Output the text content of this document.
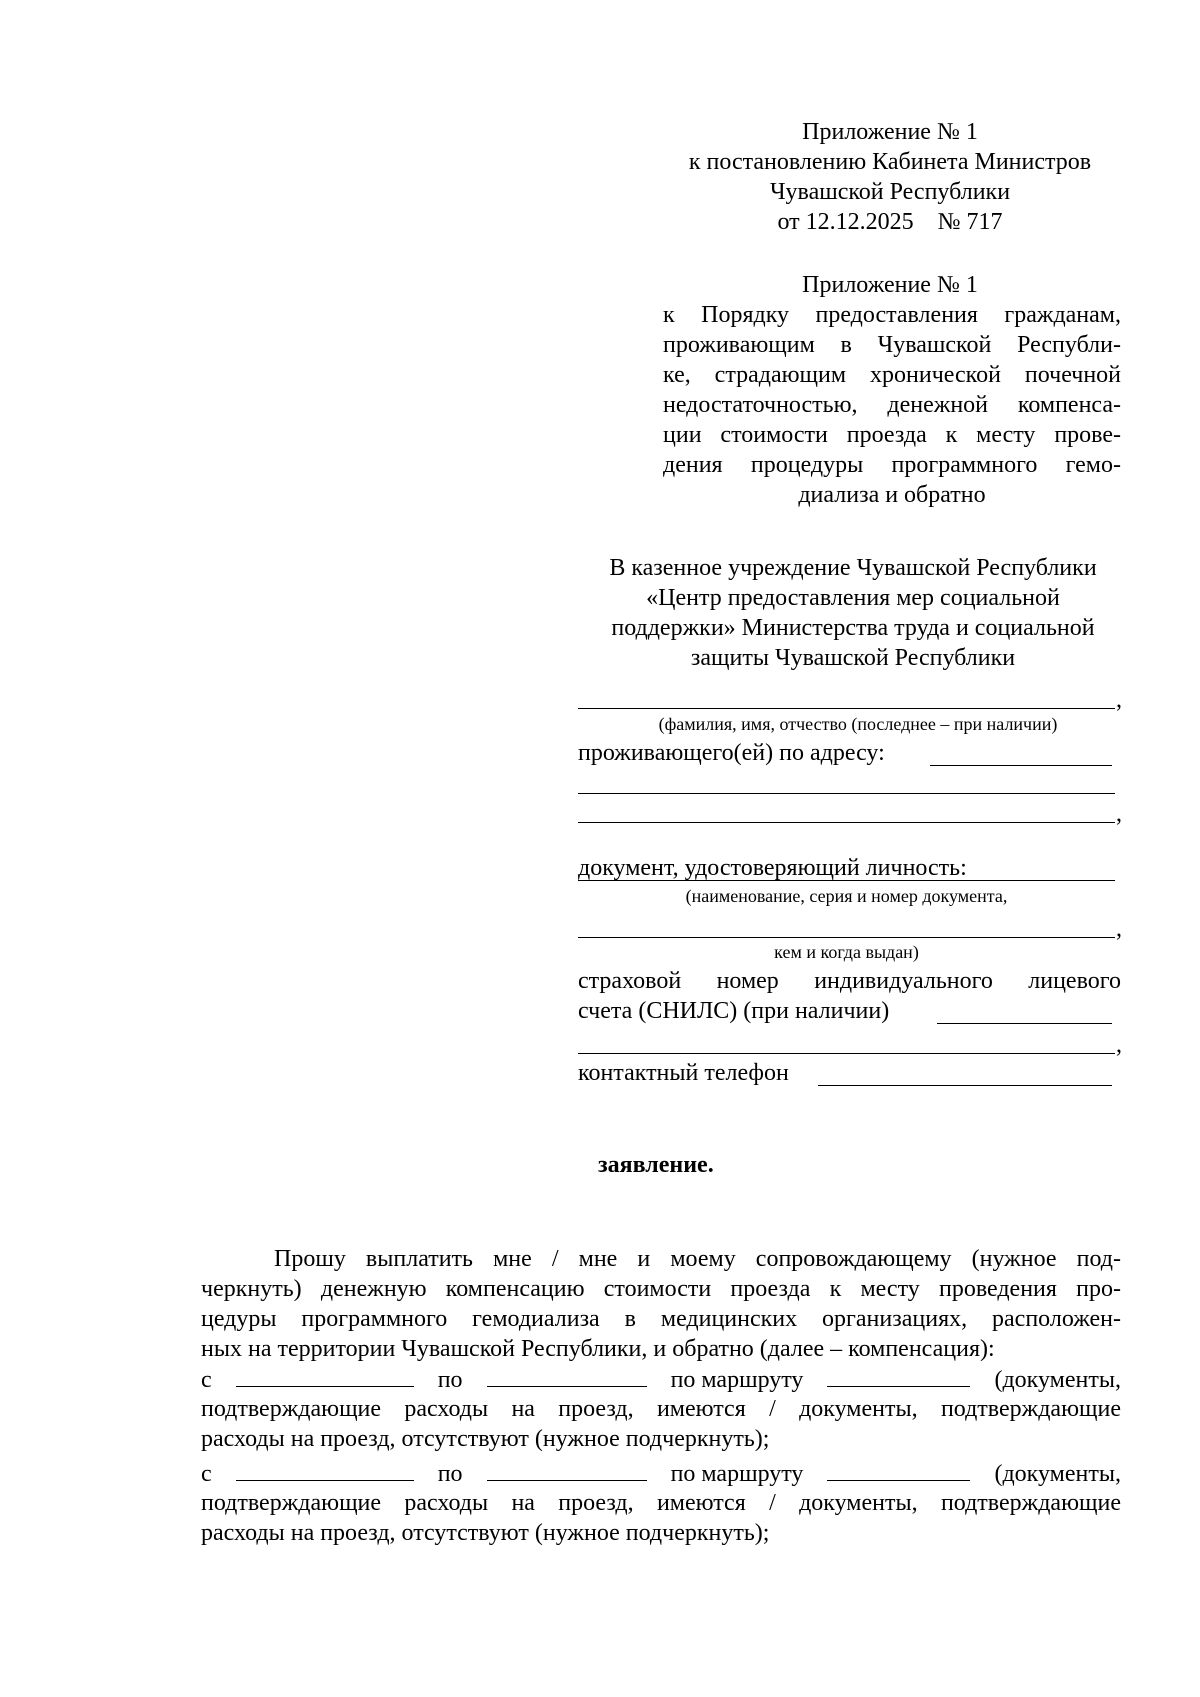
Приложение № 1
к постановлению Кабинета Министров
Чувашской Республики
от 12.12.2025    № 717
Приложение № 1
к Порядку предоставления гражданам,
проживающим в Чувашской Республи-
ке, страдающим хронической почечной
недостаточностью, денежной компенса-
ции стоимости проезда к месту прове-
дения процедуры программного гемо-
диализа и обратно
В казенное учреждение Чувашской Республики
«Центр предоставления мер социальной
поддержки» Министерства труда и социальной
защиты Чувашской Республики
,
(фамилия, имя, отчество (последнее – при наличии)
проживающего(ей) по адресу:
,
документ, удостоверяющий личность:
(наименование, серия и номер документа,
,
кем и когда выдан)
страховой номер индивидуального лицевого
счета (СНИЛС) (при наличии)
,
контактный телефон
заявление.
Прошу выплатить мне / мне и моему сопровождающему (нужное под-
черкнуть) денежную компенсацию стоимости проезда к месту проведения про-
цедуры программного гемодиализа в медицинских организациях, расположен-
ных на территории Чувашской Республики, и обратно (далее – компенсация):
с	по	по маршруту	(документы,
подтверждающие расходы на проезд, имеются / документы, подтверждающие
расходы на проезд, отсутствуют (нужное подчеркнуть);
с	по	по маршруту	(документы,
подтверждающие расходы на проезд, имеются / документы, подтверждающие
расходы на проезд, отсутствуют (нужное подчеркнуть);
